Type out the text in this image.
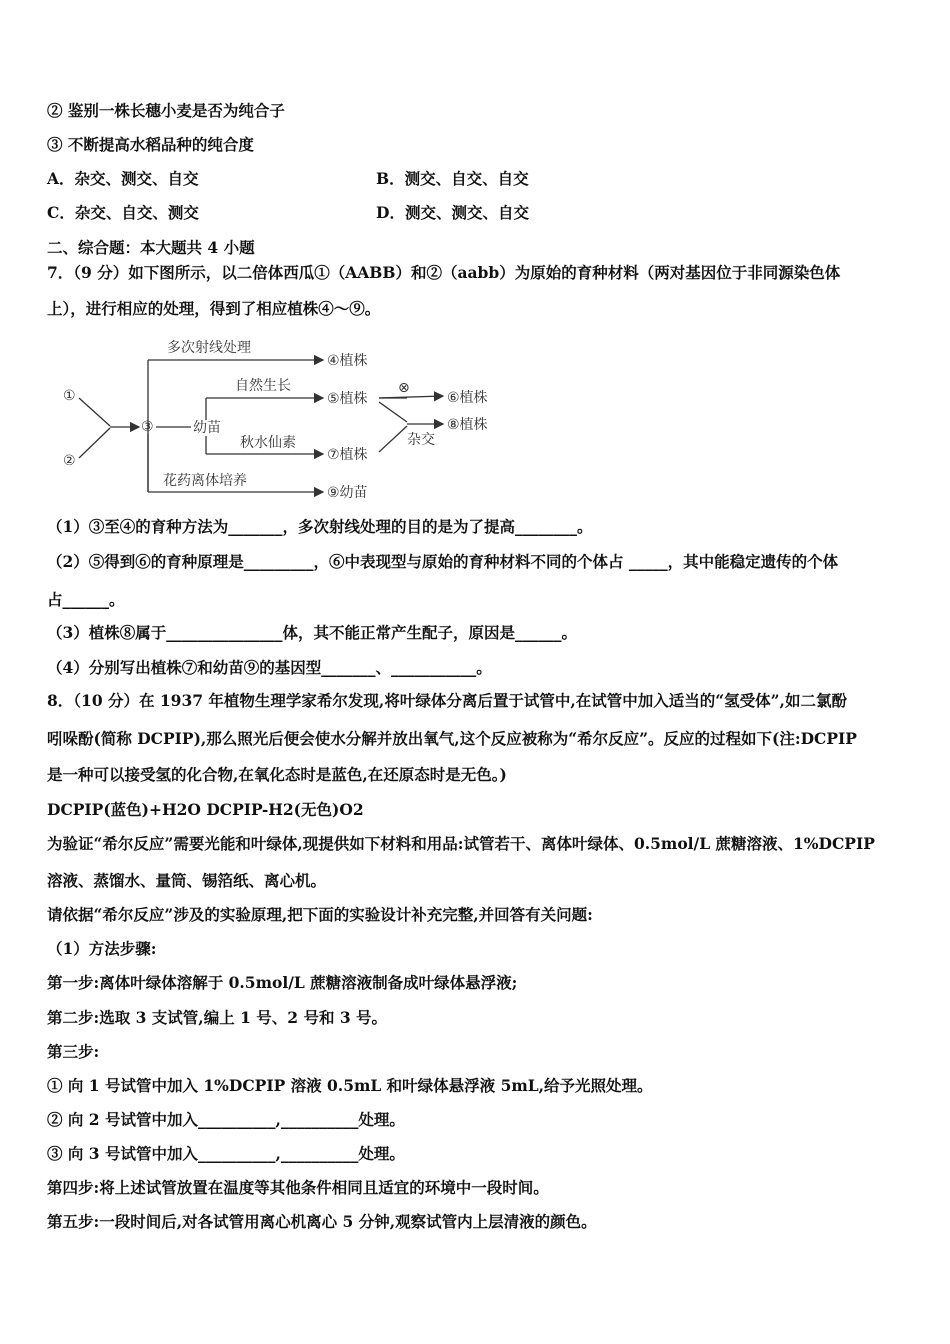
② 鉴别一株长穗小麦是否为纯合子
③ 不断提高水稻品种的纯合度
A．杂交、测交、自交	B．测交、自交、自交
C．杂交、自交、测交	D．测交、测交、自交
二、综合题：本大题共 4 小题
7．（9 分）如下图所示，以二倍体西瓜①（AABB）和②（aabb）为原始的育种材料（两对基因位于非同源染色体
上），进行相应的处理，得到了相应植株④～⑨。
①
②
③
多次射线处理
④植株
幼苗
自然生长
⑤植株
秋水仙素
⑦植株
花药离体培养
⑨幼苗
⊗
⑥植株
杂交
⑧植株
（1）③至④的育种方法为_______，多次射线处理的目的是为了提高________。
（2）⑤得到⑥的育种原理是_________，⑥中表现型与原始的育种材料不同的个体占 _____，其中能稳定遗传的个体
占______。
（3）植株⑧属于_______________体，其不能正常产生配子，原因是______。
（4）分别写出植株⑦和幼苗⑨的基因型_______、___________。
8．（10 分）在 1937 年植物生理学家希尔发现,将叶绿体分离后置于试管中,在试管中加入适当的“氢受体”,如二氯酚
吲哚酚(简称 DCPIP),那么照光后便会使水分解并放出氧气,这个反应被称为“希尔反应”。反应的过程如下(注:DCPIP
是一种可以接受氢的化合物,在氧化态时是蓝色,在还原态时是无色。)
DCPIP(蓝色)+H2O DCPIP-H2(无色)O2
为验证“希尔反应”需要光能和叶绿体,现提供如下材料和用品:试管若干、离体叶绿体、0.5mol/L 蔗糖溶液、1%DCPIP
溶液、蒸馏水、量筒、锡箔纸、离心机。
请依据“希尔反应”涉及的实验原理,把下面的实验设计补充完整,并回答有关问题:
（1）方法步骤:
第一步:离体叶绿体溶解于 0.5mol/L 蔗糖溶液制备成叶绿体悬浮液;
第二步:选取 3 支试管,编上 1 号、2 号和 3 号。
第三步:
① 向 1 号试管中加入 1%DCPIP 溶液 0.5mL 和叶绿体悬浮液 5mL,给予光照处理。
② 向 2 号试管中加入__________,__________处理。
③ 向 3 号试管中加入__________,__________处理。
第四步:将上述试管放置在温度等其他条件相同且适宜的环境中一段时间。
第五步:一段时间后,对各试管用离心机离心 5 分钟,观察试管内上层清液的颜色。
